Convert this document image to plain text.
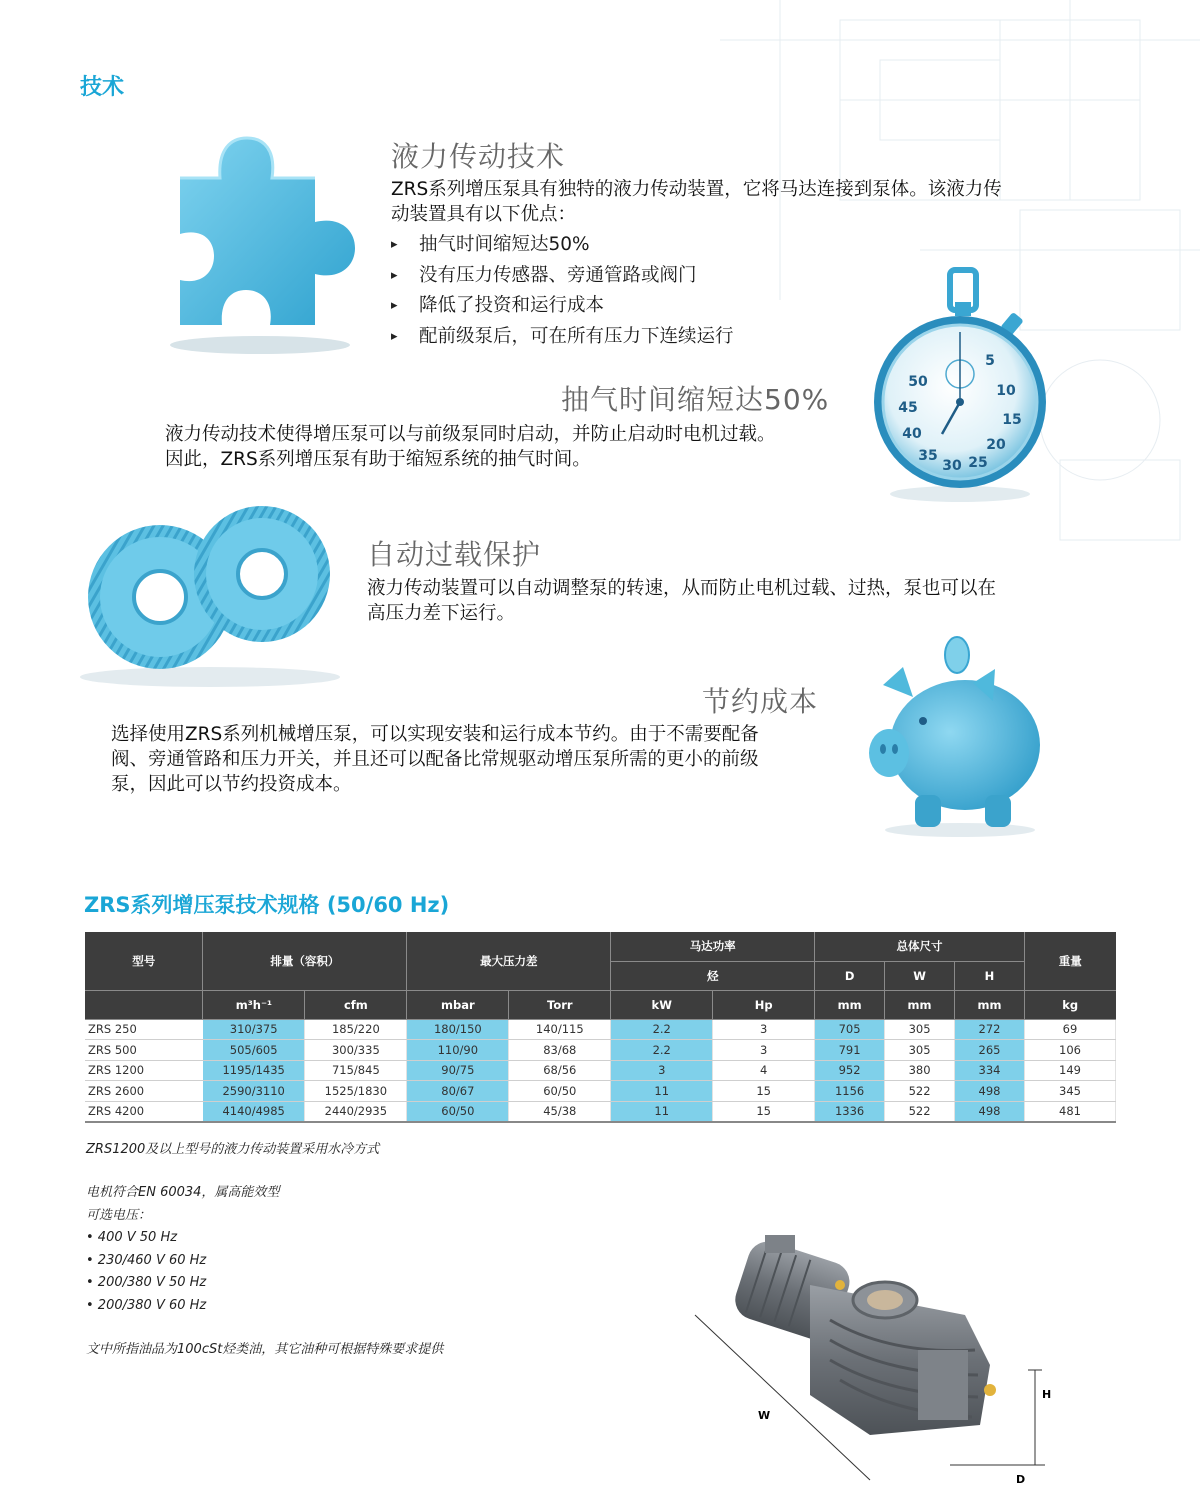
技术
液力传动技术
ZRS系列增压泵具有独特的液力传动装置，它将马达连接到泵体。该液力传
动装置具有以下优点：
▸ 抽气时间缩短达50%
▸ 没有压力传感器、旁通管路或阀门
▸ 降低了投资和运行成本
▸ 配前级泵后，可在所有压力下连续运行
5
10
15
20
25
30
35
40
45
50
抽气时间缩短达50%
液力传动技术使得增压泵可以与前级泵同时启动，并防止启动时电机过载。
因此，ZRS系列增压泵有助于缩短系统的抽气时间。
自动过载保护
液力传动装置可以自动调整泵的转速，从而防止电机过载、过热，泵也可以在
高压力差下运行。
节约成本
选择使用ZRS系列机械增压泵，可以实现安装和运行成本节约。由于不需要配备
阀、旁通管路和压力开关，并且还可以配备比常规驱动增压泵所需的更小的前级
泵，因此可以节约投资成本。
ZRS系列增压泵技术规格 (50/60 Hz)
型号	排量（容积）		最大压力差		马达功率		总体尺寸			重量
					烃		D	W	H	
	m³h⁻¹	cfm	mbar	Torr	kW	Hp	mm	mm	mm	kg
ZRS 250	310/375	185/220	180/150	140/115	2.2	3	705	305	272	69
ZRS 500	505/605	300/335	110/90	83/68	2.2	3	791	305	265	106
ZRS 1200	1195/1435	715/845	90/75	68/56	3	4	952	380	334	149
ZRS 2600	2590/3110	1525/1830	80/67	60/50	11	15	1156	522	498	345
ZRS 4200	4140/4985	2440/2935	60/50	45/38	11	15	1336	522	498	481
ZRS1200及以上型号的液力传动装置采用水冷方式
电机符合EN 60034，属高能效型
可选电压：
• 400 V 50 Hz
• 230/460 V 60 Hz
• 200/380 V 50 Hz
• 200/380 V 60 Hz
文中所指油品为100cSt烃类油，其它油种可根据特殊要求提供
W
H
D
